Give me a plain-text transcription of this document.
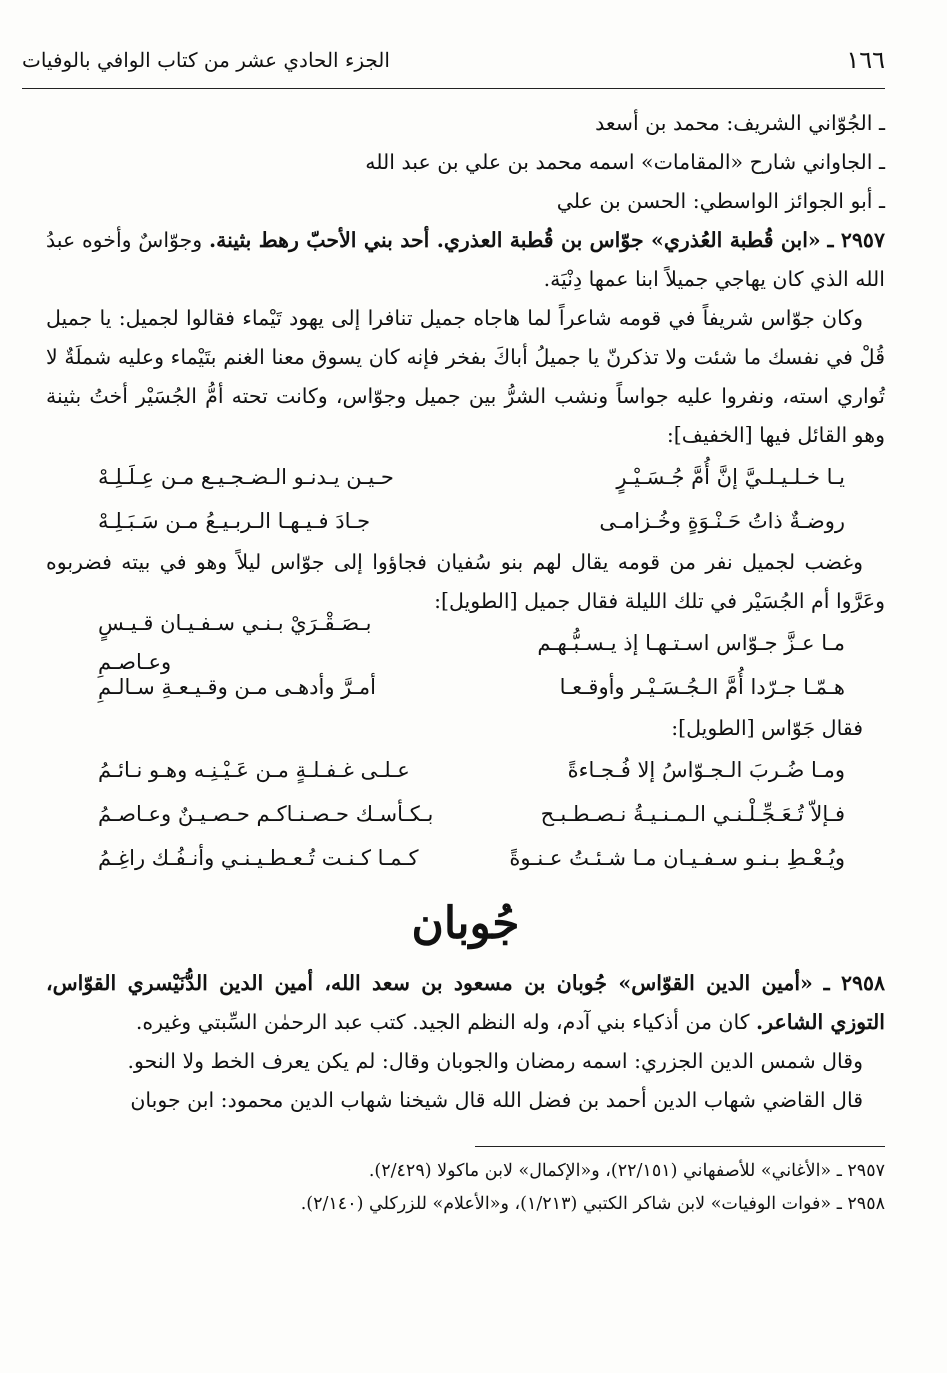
١٦٦
الجزء الحادي عشر من كتاب الوافي بالوفيات

ـ الجُوّاني الشريف: محمد بن أسعد

ـ الجاواني شارح «المقامات» اسمه محمد بن علي بن عبد الله

ـ أبو الجوائز الواسطي: الحسن بن علي

٢٩٥٧ ـ «ابن قُطبة العُذري» جوّاس بن قُطبة العذري. أحد بني الأحبّ رهط بثينة. وجوّاسٌ وأخوه عبدُ الله الذي كان يهاجي جميلاً ابنا عمها دِنْيَة.

وكان جوّاس شريفاً في قومه شاعراً لما هاجاه جميل تنافرا إلى يهود تَيْماء فقالوا لجميل: يا جميل قُلْ في نفسك ما شئت ولا تذكرنّ يا جميلُ أباكَ بفخر فإنه كان يسوق معنا الغنم بتَيْماء وعليه شملَةٌ لا تُواري استه، ونفروا عليه جواساً ونشب الشرُّ بين جميل وجوّاس، وكانت تحته أمُّ الجُسَيْر أختُ بثينة وهو القائل فيها [الخفيف]:

يـا خـلـيـلـيَّ إنَّ أُمَّ جُـسَـيْـرٍ
حـيـن يـدنـو الـضـجـيـع مـن عِـلَـلِـهْ
روضـةٌ ذاتُ حَـنْـوَةٍ وخُـزامـى
جـادَ فـيـهـا الـربـيـعُ مـن سَـبَـلِـهْ

وغضب لجميل نفر من قومه يقال لهم بنو سُفيان فجاؤوا إلى جوّاس ليلاً وهو في بيته فضربوه وعَرَّوا أم الجُسَيْر في تلك الليلة فقال جميل [الطويل]:

مـا عـزَّ جـوّاس اسـتـهـا إذ يـسـبُّـهـم
بـصَـقْـرَيْ بـنـي سـفـيـان قـيـسٍ وعـاصـمِ
هـمّـا جـرّدا أُمَّ الـجُـسَـيْـر وأوقـعـا
أمـرَّ وأدهـى مـن وقـيـعـةِ سـالـمِ

فقال جَوّاس [الطويل]:

ومـا ضُـربَ الـجـوّاسُ إلا فُـجـاءةً
عـلـى غـفـلـةٍ مـن عَـيْـنِـه وهـو نـائـمُ
فـإلاّ تُـعَـجِّـلْـنـي الـمـنـيـةُ نـصـطـبـح
بـكـأسـك حـصـنـاكـم حـصـيـنٌ وعـاصـمُ
ويُـعْـطِ بـنـو سـفـيـان مـا شـئـتُ عـنـوةً
كـمـا كـنـت تُـعـطـيـنـي وأنـفُـك راغِـمُ
جُوبان

٢٩٥٨ ـ «أمين الدين القوّاس» جُوبان بن مسعود بن سعد الله، أمين الدين الدُّنَيْسري القوّاس، التوزي الشاعر. كان من أذكياء بني آدم، وله النظم الجيد. كتب عبد الرحمٰن السِّبتي وغيره.

وقال شمس الدين الجزري: اسمه رمضان والجوبان وقال: لم يكن يعرف الخط ولا النحو.

قال القاضي شهاب الدين أحمد بن فضل الله قال شيخنا شهاب الدين محمود: ابن جوبان

٢٩٥٧ ـ «الأغاني» للأصفهاني (٢٢/١٥١)، و«الإكمال» لابن ماكولا (٢/٤٢٩).

٢٩٥٨ ـ «فوات الوفيات» لابن شاكر الكتبي (١/٢١٣)، و«الأعلام» للزركلي (٢/١٤٠).
